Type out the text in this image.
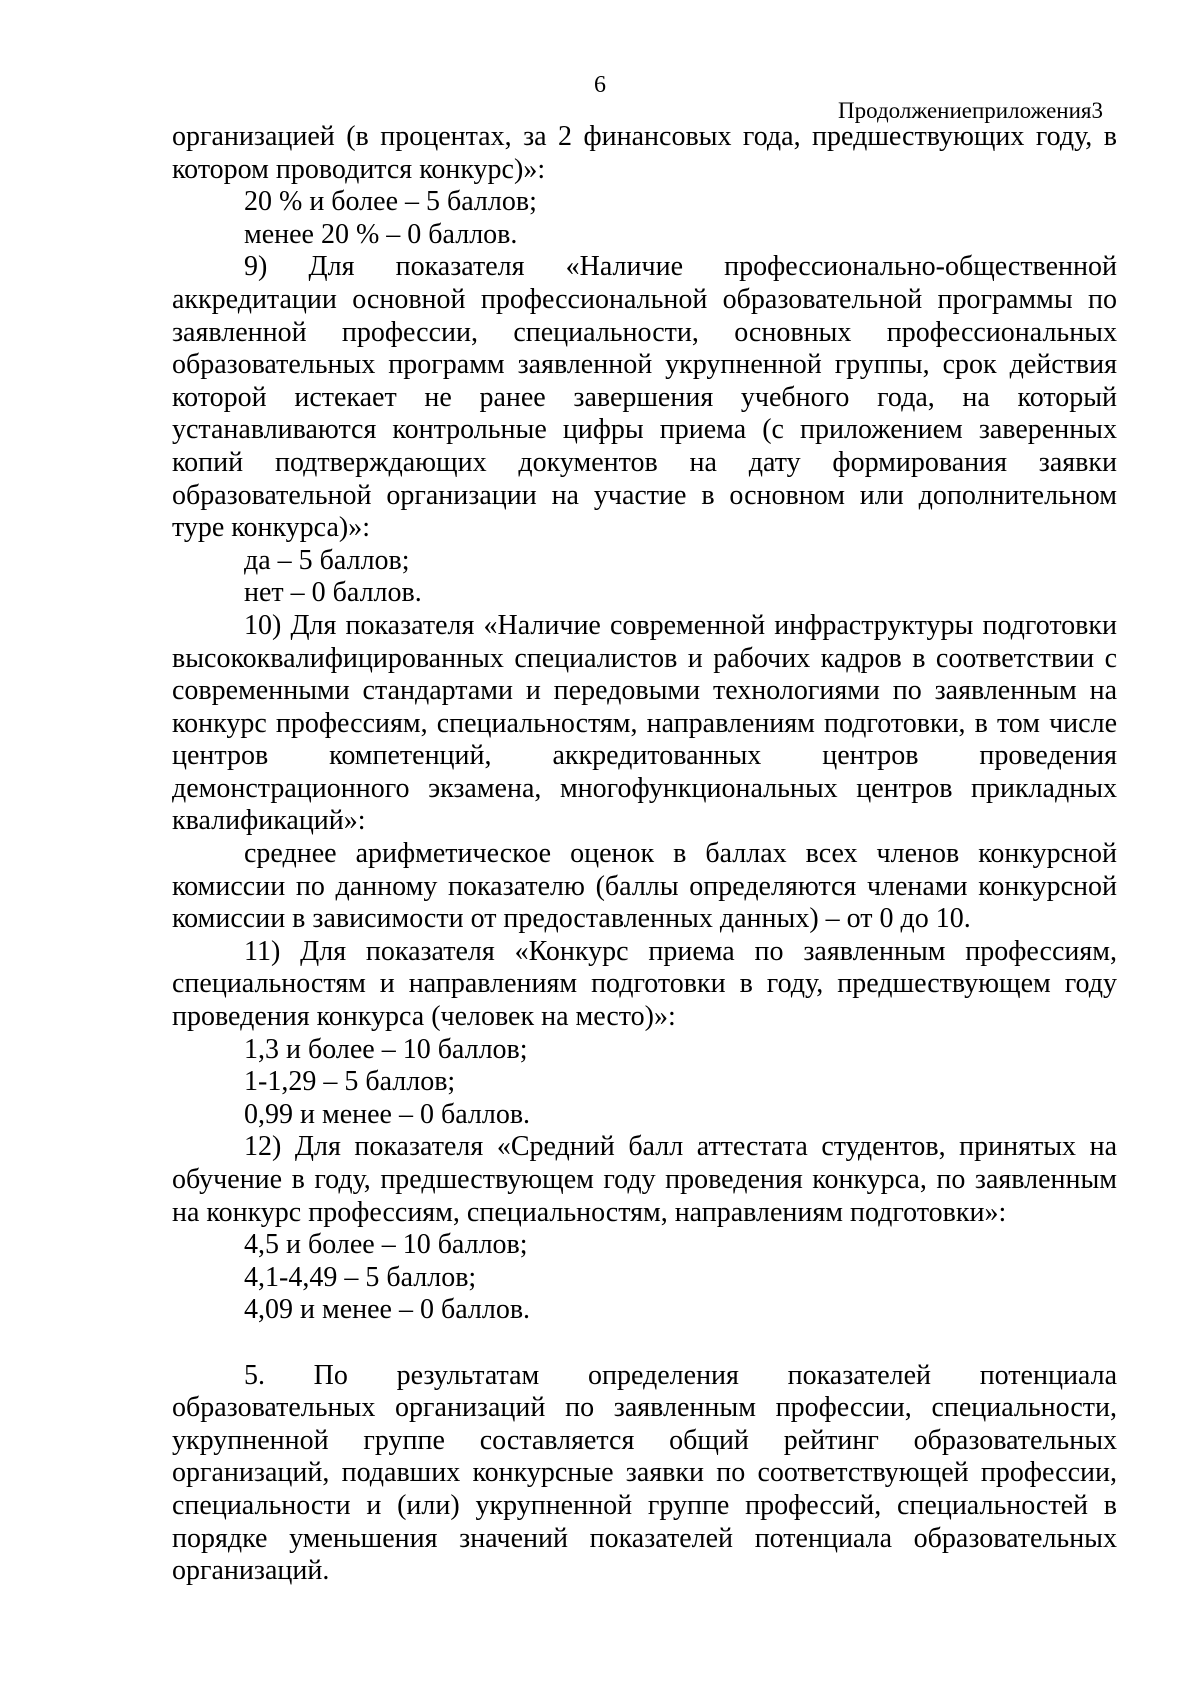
6
Продолжениеприложения3

организацией (в процентах, за 2 финансовых года, предшествующих году, в котором проводится конкурс)»:

20 % и более – 5 баллов;

менее 20 % – 0 баллов.

9) Для показателя «Наличие профессионально-общественной аккредитации основной профессиональной образовательной программы по заявленной профессии, специальности, основных профессиональных образовательных программ заявленной укрупненной группы, срок действия которой истекает не ранее завершения учебного года, на который устанавливаются контрольные цифры приема (с приложением заверенных копий подтверждающих документов на дату формирования заявки образовательной организации на участие в основном или дополнительном туре конкурса)»:

да – 5 баллов;

нет – 0 баллов.

10) Для показателя «Наличие современной инфраструктуры подготовки высококвалифицированных специалистов и рабочих кадров в соответствии с современными стандартами и передовыми технологиями по заявленным на конкурс профессиям, специальностям, направлениям подготовки, в том числе центров компетенций, аккредитованных центров проведения демонстрационного экзамена, многофункциональных центров прикладных квалификаций»:

среднее арифметическое оценок в баллах всех членов конкурсной комиссии по данному показателю (баллы определяются членами конкурсной комиссии в зависимости от предоставленных данных) – от 0 до 10.

11) Для показателя «Конкурс приема по заявленным профессиям, специальностям и направлениям подготовки в году, предшествующем году проведения конкурса (человек на место)»:

1,3 и более – 10 баллов;

1-1,29 – 5 баллов;

0,99 и менее – 0 баллов.

12) Для показателя «Средний балл аттестата студентов, принятых на обучение в году, предшествующем году проведения конкурса, по заявленным на конкурс профессиям, специальностям, направлениям подготовки»:

4,5 и более – 10 баллов;

4,1-4,49 – 5 баллов;

4,09 и менее – 0 баллов.

5. По результатам определения показателей потенциала образовательных организаций по заявленным профессии, специальности, укрупненной группе составляется общий рейтинг образовательных организаций, подавших конкурсные заявки по соответствующей профессии, специальности и (или) укрупненной группе профессий, специальностей в порядке уменьшения значений показателей потенциала образовательных организаций.
